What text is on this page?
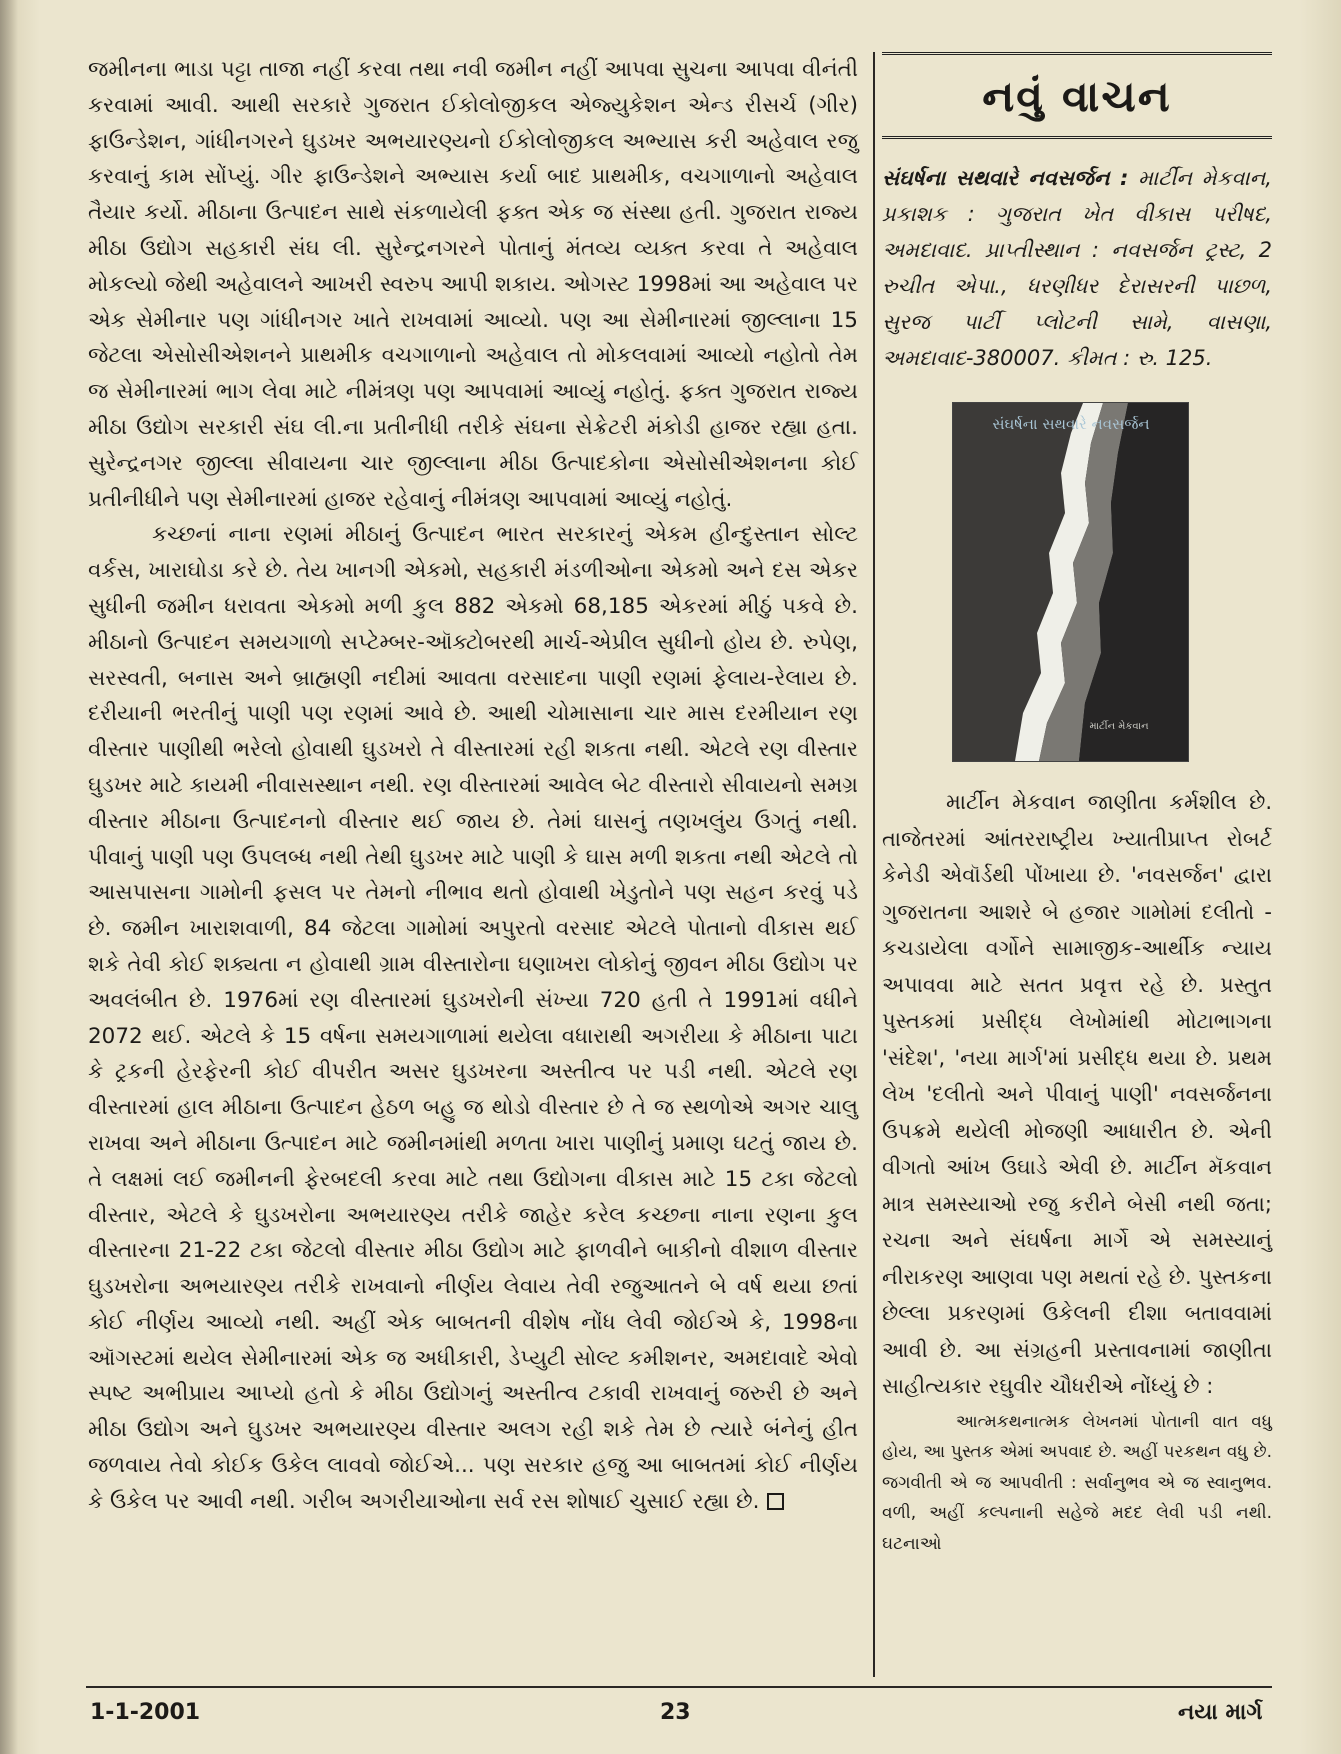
જમીનના ભાડા પટ્ટા તાજા નહીં કરવા તથા નવી જમીન નહીં આપવા સુચના આપવા વીનંતી કરવામાં આવી. આથી સરકારે ગુજરાત ઈકોલોજીકલ એજ્યુકેશન એન્ડ રીસર્ચ (ગીર) ફાઉન્ડેશન, ગાંધીનગરને ઘુડખર અભયારણ્યનો ઈકોલોજીકલ અભ્યાસ કરી અહેવાલ રજુ કરવાનું કામ સોંપ્યું. ગીર ફાઉન્ડેશને અભ્યાસ કર્યા બાદ પ્રાથમીક, વચગાળાનો અહેવાલ તૈયાર કર્યો. મીઠાના ઉત્પાદન સાથે સંકળાયેલી ફક્ત એક જ સંસ્થા હતી. ગુજરાત રાજ્ય મીઠા ઉદ્યોગ સહકારી સંઘ લી. સુરેન્દ્રનગરને પોતાનું મંતવ્ય વ્યક્ત કરવા તે અહેવાલ મોકલ્યો જેથી અહેવાલને આખરી સ્વરુપ આપી શકાય. ઓગસ્ટ 1998માં આ અહેવાલ પર એક સેમીનાર પણ ગાંધીનગર ખાતે રાખવામાં આવ્યો. પણ આ સેમીનારમાં જીલ્લાના 15 જેટલા એસોસીએશનને પ્રાથમીક વચગાળાનો અહેવાલ તો મોકલવામાં આવ્યો નહોતો તેમ જ સેમીનારમાં ભાગ લેવા માટે નીમંત્રણ પણ આપવામાં આવ્યું નહોતું. ફક્ત ગુજરાત રાજ્ય મીઠા ઉદ્યોગ સરકારી સંઘ લી.ના પ્રતીનીધી તરીકે સંઘના સેક્રેટરી મંકોડી હાજર રહ્યા હતા. સુરેન્દ્રનગર જીલ્લા સીવાયના ચાર જીલ્લાના મીઠા ઉત્પાદકોના એસોસીએશનના કોઈ પ્રતીનીધીને પણ સેમીનારમાં હાજર રહેવાનું નીમંત્રણ આપવામાં આવ્યું નહોતું.

કચ્છનાં નાના રણમાં મીઠાનું ઉત્પાદન ભારત સરકારનું એકમ હીન્દુસ્તાન સોલ્ટ વર્કસ, ખારાઘોડા કરે છે. તેય ખાનગી એકમો, સહકારી મંડળીઓના એકમો અને દસ એકર સુધીની જમીન ધરાવતા એકમો મળી કુલ 882 એકમો 68,185 એકરમાં મીઠું પકવે છે. મીઠાનો ઉત્પાદન સમયગાળો સપ્ટેમ્બર-ઑક્ટોબરથી માર્ચ-એપ્રીલ સુધીનો હોય છે. રુપેણ, સરસ્વતી, બનાસ અને બ્રાહ્મણી નદીમાં આવતા વરસાદના પાણી રણમાં ફેલાય-રેલાય છે. દરીયાની ભરતીનું પાણી પણ રણમાં આવે છે. આથી ચોમાસાના ચાર માસ દરમીયાન રણ વીસ્તાર પાણીથી ભરેલો હોવાથી ઘુડખરો તે વીસ્તારમાં રહી શકતા નથી. એટલે રણ વીસ્તાર ઘુડખર માટે કાયમી નીવાસસ્થાન નથી. રણ વીસ્તારમાં આવેલ બેટ વીસ્તારો સીવાયનો સમગ્ર વીસ્તાર મીઠાના ઉત્પાદનનો વીસ્તાર થઈ જાય છે. તેમાં ઘાસનું તણખલુંય ઉગતું નથી. પીવાનું પાણી પણ ઉપલબ્ધ નથી તેથી ઘુડખર માટે પાણી કે ઘાસ મળી શકતા નથી એટલે તો આસપાસના ગામોની ફસલ પર તેમનો નીભાવ થતો હોવાથી ખેડુતોને પણ સહન કરવું પડે છે. જમીન ખારાશવાળી, 84 જેટલા ગામોમાં અપુરતો વરસાદ એટલે પોતાનો વીકાસ થઈ શકે તેવી કોઈ શક્યતા ન હોવાથી ગ્રામ વીસ્તારોના ઘણાખરા લોકોનું જીવન મીઠા ઉદ્યોગ પર અવલંબીત છે. 1976માં રણ વીસ્તારમાં ઘુડખરોની સંખ્યા 720 હતી તે 1991માં વધીને 2072 થઈ. એટલે કે 15 વર્ષના સમયગાળામાં થયેલા વધારાથી અગરીયા કે મીઠાના પાટા કે ટ્રકની હેરફેરની કોઈ વીપરીત અસર ઘુડખરના અસ્તીત્વ પર પડી નથી. એટલે રણ વીસ્તારમાં હાલ મીઠાના ઉત્પાદન હેઠળ બહુ જ થોડો વીસ્તાર છે તે જ સ્થળોએ અગર ચાલુ રાખવા અને મીઠાના ઉત્પાદન માટે જમીનમાંથી મળતા ખારા પાણીનું પ્રમાણ ઘટતું જાય છે. તે લક્ષમાં લઈ જમીનની ફેરબદલી કરવા માટે તથા ઉદ્યોગના વીકાસ માટે 15 ટકા જેટલો વીસ્તાર, એટલે કે ઘુડખરોના અભયારણ્ય તરીકે જાહેર કરેલ કચ્છના નાના રણના કુલ વીસ્તારના 21-22 ટકા જેટલો વીસ્તાર મીઠા ઉદ્યોગ માટે ફાળવીને બાકીનો વીશાળ વીસ્તાર ઘુડખરોના અભયારણ્ય તરીકે રાખવાનો નીર્ણય લેવાય તેવી રજુઆતને બે વર્ષ થયા છતાં કોઈ નીર્ણય આવ્યો નથી. અહીં એક બાબતની વીશેષ નોંધ લેવી જોઈએ કે, 1998ના ઑગસ્ટમાં થયેલ સેમીનારમાં એક જ અધીકારી, ડેપ્યુટી સોલ્ટ કમીશનર, અમદાવાદે એવો સ્પષ્ટ અભીપ્રાય આપ્યો હતો કે મીઠા ઉદ્યોગનું અસ્તીત્વ ટકાવી રાખવાનું જરુરી છે અને મીઠા ઉદ્યોગ અને ઘુડખર અભયારણ્ય વીસ્તાર અલગ રહી શકે તેમ છે ત્યારે બંનેનું હીત જળવાય તેવો કોઈક ઉકેલ લાવવો જોઈએ... પણ સરકાર હજુ આ બાબતમાં કોઈ નીર્ણય કે ઉકેલ પર આવી નથી. ગરીબ અગરીયાઓના સર્વ રસ શોષાઈ ચુસાઈ રહ્યા છે.

નવું વાચન
સંઘર્ષના સથવારે નવસર્જન : માર્ટીન મેકવાન, પ્રકાશક : ગુજરાત ખેત વીકાસ પરીષદ, અમદાવાદ. પ્રાપ્તીસ્થાન : નવસર્જન ટ્રસ્ટ, 2 રુચીત એપા., ધરણીધર દેરાસરની પાછળ, સુરજ પાર્ટી પ્લોટની સામે, વાસણા, અમદાવાદ-380007. કીમત : રુ. 125.
સંઘર્ષના સથવારે નવસર્જન
માર્ટીન મેકવાન
માર્ટીન મેકવાન જાણીતા કર્મશીલ છે. તાજેતરમાં આંતરરાષ્ટ્રીય ખ્યાતીપ્રાપ્ત રોબર્ટ કેનેડી એવૉર્ડથી પોંખાયા છે. 'નવસર્જન' દ્વારા ગુજરાતના આશરે બે હજાર ગામોમાં દલીતો - કચડાયેલા વર્ગોને સામાજીક-આર્થીક ન્યાય અપાવવા માટે સતત પ્રવૃત્ત રહે છે. પ્રસ્તુત પુસ્તકમાં પ્રસીદ્ધ લેખોમાંથી મોટાભાગના 'સંદેશ', 'નયા માર્ગ'માં પ્રસીદ્ધ થયા છે. પ્રથમ લેખ 'દલીતો અને પીવાનું પાણી' નવસર્જનના ઉપક્રમે થયેલી મોજણી આધારીત છે. એની વીગતો આંખ ઉઘાડે એવી છે. માર્ટીન મૅકવાન માત્ર સમસ્યાઓ રજુ કરીને બેસી નથી જતા; રચના અને સંઘર્ષના માર્ગે એ સમસ્યાનું નીરાકરણ આણવા પણ મથતાં રહે છે. પુસ્તકના છેલ્લા પ્રકરણમાં ઉકેલની દીશા બતાવવામાં આવી છે. આ સંગ્રહની પ્રસ્તાવનામાં જાણીતા સાહીત્યકાર રઘુવીર ચૌધરીએ નોંધ્યું છે :
આત્મકથનાત્મક લેખનમાં પોતાની વાત વધુ હોય, આ પુસ્તક એમાં અપવાદ છે. અહીં પરકથન વધુ છે. જગવીતી એ જ આપવીતી : સર્વાનુભવ એ જ સ્વાનુભવ. વળી, અહીં કલ્પનાની સહેજે મદદ લેવી પડી નથી. ઘટનાઓ
1-1-2001	23	નયા માર્ગ
